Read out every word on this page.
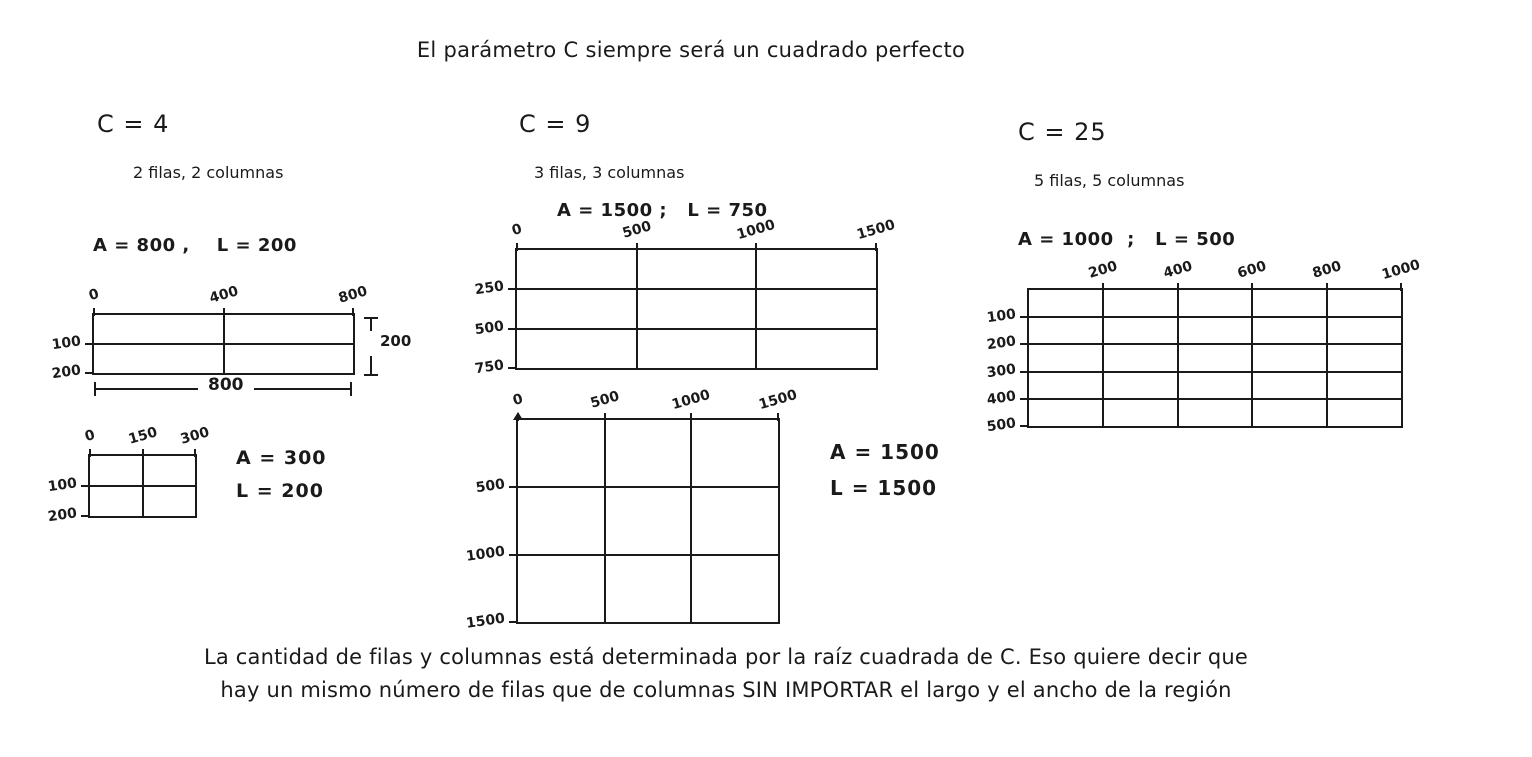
El parámetro C siempre será un cuadrado perfecto
C = 4
2 filas, 2 columnas
A = 800 ,    L = 200
0	400	800
100
200
200
800
0 150 300
100
200
A = 300
L = 200
C = 9
3 filas, 3 columnas
A = 1500 ;   L = 750
0	500	1000	1500
250
500
750
0	500	1000	1500
500
1000
1500
A = 1500
L = 1500
C = 25
5 filas, 5 columnas
A = 1000  ;   L = 500
200	400	600	800	1000
100
200
300
400
500
La cantidad de filas y columnas está determinada por la raíz cuadrada de C. Eso quiere decir que
hay un mismo número de filas que de columnas SIN IMPORTAR el largo y el ancho de la región
